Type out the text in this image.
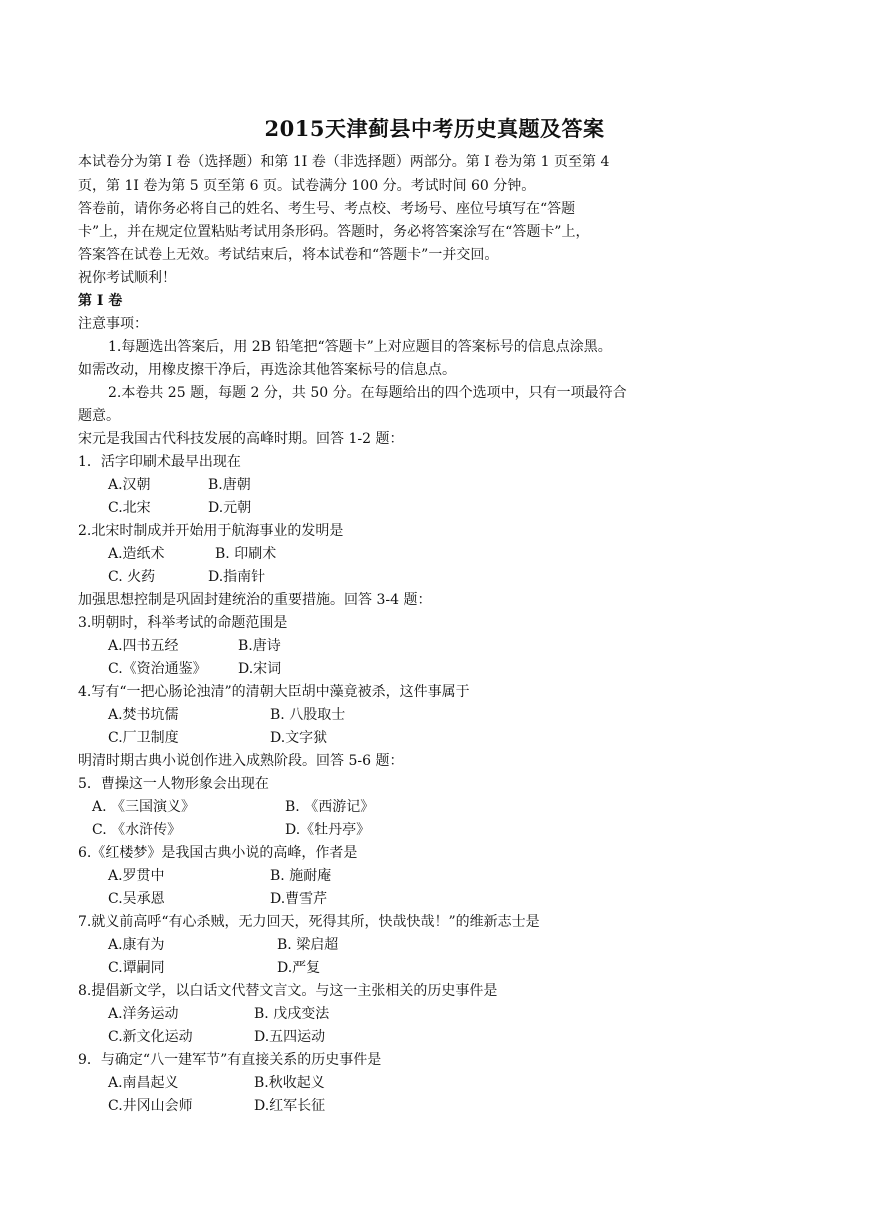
2015天津蓟县中考历史真题及答案
本试卷分为第 I 卷（选择题）和第 1I 卷（非选择题）两部分。第 I 卷为第 1 页至第 4
页，第 1I 卷为第 5 页至第 6 页。试卷满分 100 分。考试时间 60 分钟。
答卷前，请你务必将自己的姓名、考生号、考点校、考场号、座位号填写在“答题
卡”上，并在规定位置粘贴考试用条形码。答题时，务必将答案涂写在“答题卡”上，
答案答在试卷上无效。考试结束后，将本试卷和“答题卡”一并交回。
祝你考试顺利！
第 I 卷
注意事项：
1.每题选出答案后，用 2B 铅笔把“答题卡”上对应题目的答案标号的信息点涂黑。
如需改动，用橡皮擦干净后，再选涂其他答案标号的信息点。
2.本卷共 25 题，每题 2 分，共 50 分。在每题给出的四个选项中，只有一项最符合
题意。
宋元是我国古代科技发展的高峰时期。回答 1-2 题：
1．活字印刷术最早出现在
A.汉朝	B.唐朝
C.北宋	D.元朝
2.北宋时制成并开始用于航海事业的发明是
A.造纸术	B. 印刷术
C. 火药	D.指南针
加强思想控制是巩固封建统治的重要措施。回答 3-4 题：
3.明朝时，科举考试的命题范围是
A.四书五经	B.唐诗
C.《资治通鉴》 D.宋词
4.写有“一把心肠论浊清”的清朝大臣胡中藻竟被杀，这件事属于
A.焚书坑儒	B. 八股取士
C.厂卫制度	D.文字狱
明清时期古典小说创作进入成熟阶段。回答 5-6 题：
5．曹操这一人物形象会出现在
A. 《三国演义》	B. 《西游记》
C. 《水浒传》	D.《牡丹亭》
6.《红楼梦》是我国古典小说的高峰，作者是
A.罗贯中	B. 施耐庵
C.吴承恩	D.曹雪芹
7.就义前高呼“有心杀贼，无力回天，死得其所，快哉快哉！”的维新志士是
A.康有为	B. 梁启超
C.谭嗣同	D.严复
8.提倡新文学，以白话文代替文言文。与这一主张相关的历史事件是
A.洋务运动	B. 戊戌变法
C.新文化运动	D.五四运动
9．与确定“八一建军节”有直接关系的历史事件是
A.南昌起义	B.秋收起义
C.井冈山会师	D.红军长征
